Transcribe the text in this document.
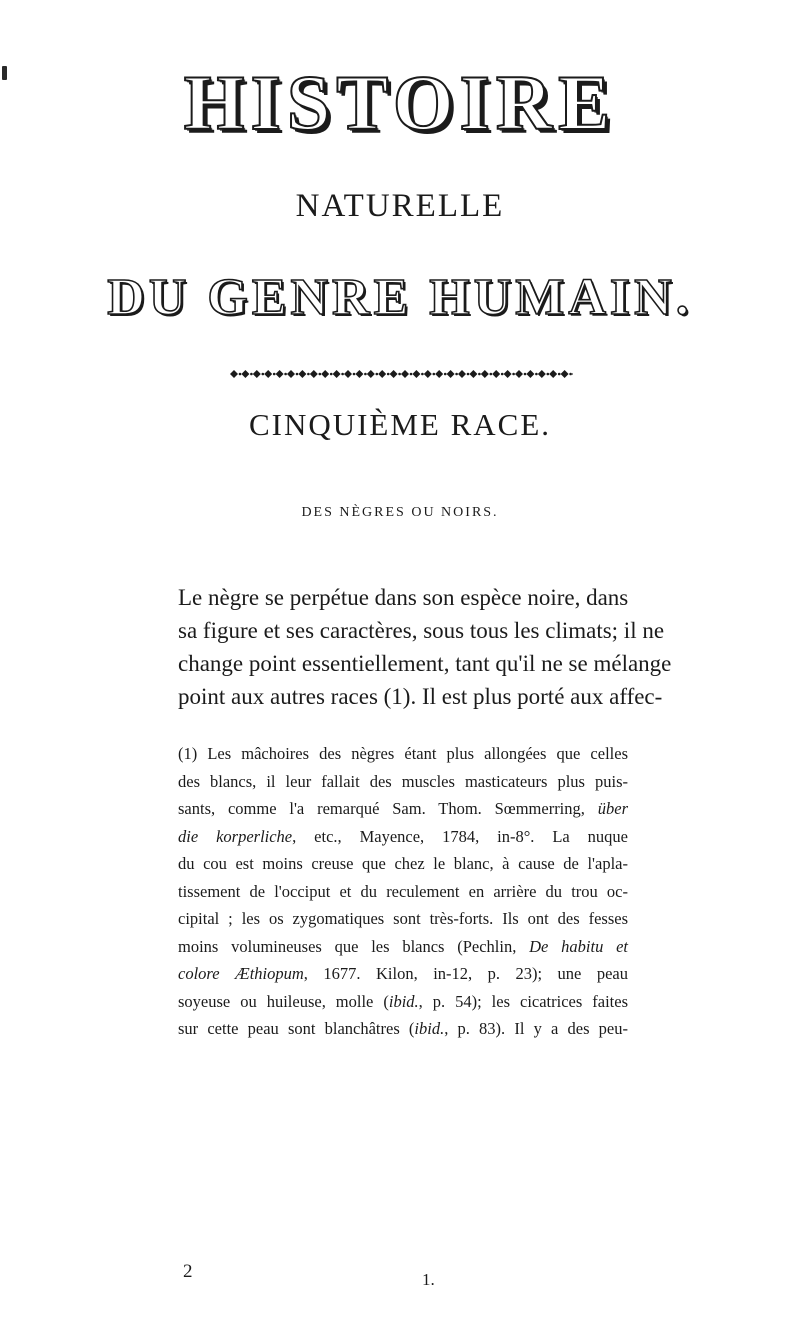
HISTOIRE
NATURELLE
DU GENRE HUMAIN.
CINQUIÈME RACE.
DES NÈGRES OU NOIRS.
Le nègre se perpétue dans son espèce noire, dans
sa figure et ses caractères, sous tous les climats; il ne
change point essentiellement, tant qu'il ne se mélange
point aux autres races (1). Il est plus porté aux affec-
(1) Les mâchoires des nègres étant plus allongées que celles
des blancs, il leur fallait des muscles masticateurs plus puis-
sants, comme l'a remarqué Sam. Thom. Sœmmerring, über
die korperliche, etc., Mayence, 1784, in-8°. La nuque
du cou est moins creuse que chez le blanc, à cause de l'apla-
tissement de l'occiput et du reculement en arrière du trou oc-
cipital ; les os zygomatiques sont très-forts. Ils ont des fesses
moins volumineuses que les blancs (Pechlin, De habitu et
colore Æthiopum, 1677. Kilon, in-12, p. 23); une peau
soyeuse ou huileuse, molle (ibid., p. 54); les cicatrices faites
sur cette peau sont blanchâtres (ibid., p. 83). Il y a des peu-
2	1.
